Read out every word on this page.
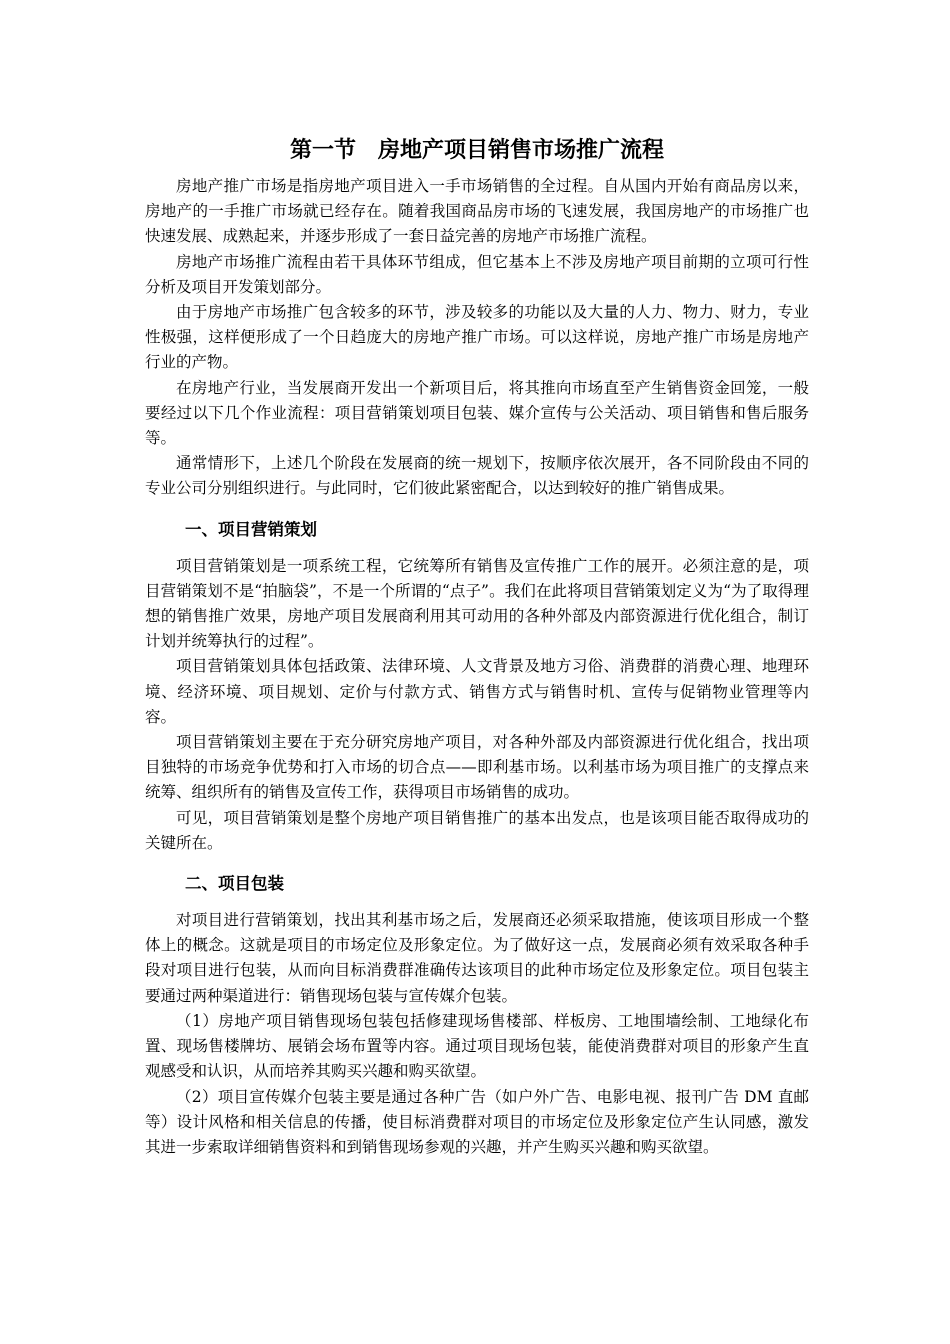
第一节　房地产项目销售市场推广流程

房地产推广市场是指房地产项目进入一手市场销售的全过程。自从国内开始有商品房以来，房地产的一手推广市场就已经存在。随着我国商品房市场的飞速发展，我国房地产的市场推广也快速发展、成熟起来，并逐步形成了一套日益完善的房地产市场推广流程。

房地产市场推广流程由若干具体环节组成，但它基本上不涉及房地产项目前期的立项可行性分析及项目开发策划部分。

由于房地产市场推广包含较多的环节，涉及较多的功能以及大量的人力、物力、财力，专业性极强，这样便形成了一个日趋庞大的房地产推广市场。可以这样说，房地产推广市场是房地产行业的产物。

在房地产行业，当发展商开发出一个新项目后，将其推向市场直至产生销售资金回笼，一般要经过以下几个作业流程：项目营销策划项目包装、媒介宣传与公关活动、项目销售和售后服务等。

通常情形下，上述几个阶段在发展商的统一规划下，按顺序依次展开，各不同阶段由不同的专业公司分别组织进行。与此同时，它们彼此紧密配合，以达到较好的推广销售成果。

一、项目营销策划

项目营销策划是一项系统工程，它统筹所有销售及宣传推广工作的展开。必须注意的是，项目营销策划不是“拍脑袋”，不是一个所谓的“点子”。我们在此将项目营销策划定义为“为了取得理想的销售推广效果，房地产项目发展商利用其可动用的各种外部及内部资源进行优化组合，制订计划并统筹执行的过程”。

项目营销策划具体包括政策、法律环境、人文背景及地方习俗、消费群的消费心理、地理环境、经济环境、项目规划、定价与付款方式、销售方式与销售时机、宣传与促销物业管理等内容。

项目营销策划主要在于充分研究房地产项目，对各种外部及内部资源进行优化组合，找出项目独特的市场竞争优势和打入市场的切合点——即利基市场。以利基市场为项目推广的支撑点来统筹、组织所有的销售及宣传工作，获得项目市场销售的成功。

可见，项目营销策划是整个房地产项目销售推广的基本出发点，也是该项目能否取得成功的关键所在。

二、项目包装

对项目进行营销策划，找出其利基市场之后，发展商还必须采取措施，使该项目形成一个整体上的概念。这就是项目的市场定位及形象定位。为了做好这一点，发展商必须有效采取各种手段对项目进行包装，从而向目标消费群准确传达该项目的此种市场定位及形象定位。项目包装主要通过两种渠道进行：销售现场包装与宣传媒介包装。

（1）房地产项目销售现场包装包括修建现场售楼部、样板房、工地围墙绘制、工地绿化布置、现场售楼牌坊、展销会场布置等内容。通过项目现场包装，能使消费群对项目的形象产生直观感受和认识，从而培养其购买兴趣和购买欲望。

（2）项目宣传媒介包装主要是通过各种广告（如户外广告、电影电视、报刊广告 DM 直邮等）设计风格和相关信息的传播，使目标消费群对项目的市场定位及形象定位产生认同感，激发其进一步索取详细销售资料和到销售现场参观的兴趣，并产生购买兴趣和购买欲望。
